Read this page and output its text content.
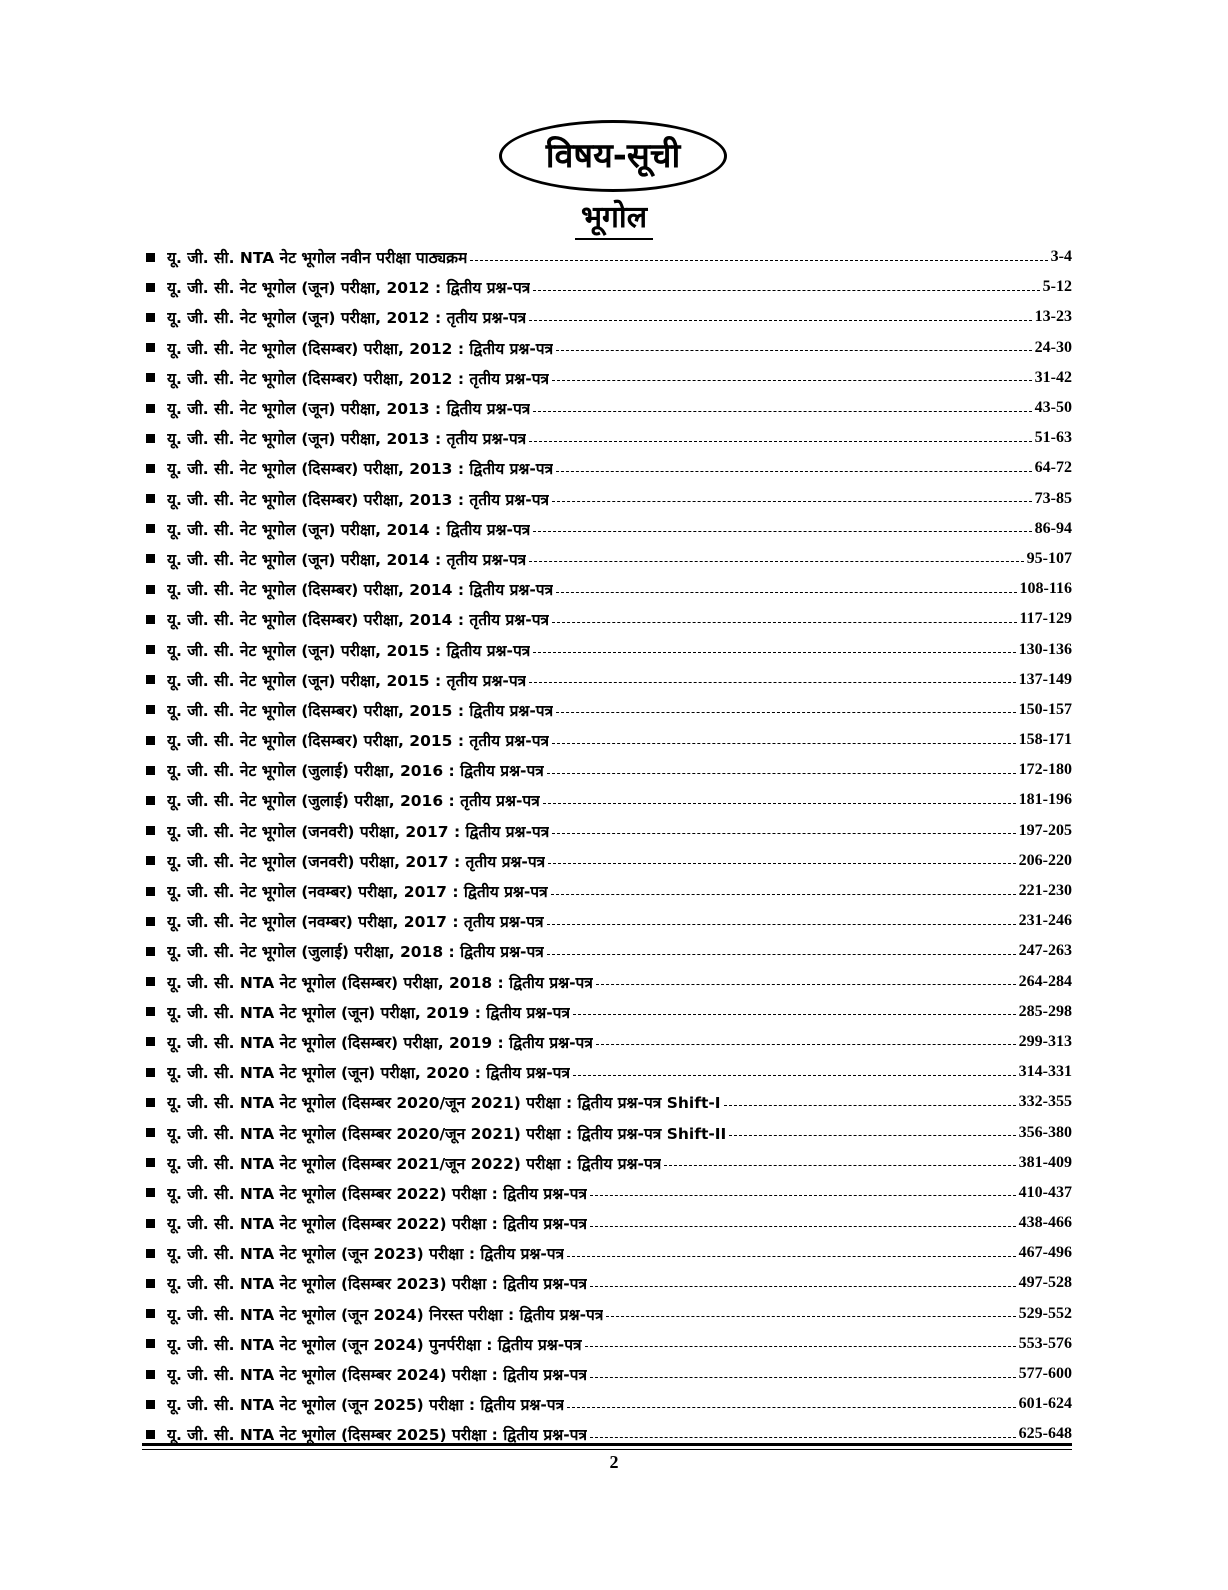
विषय-सूची
भूगोल
यू. जी. सी. NTA नेट भूगोल नवीन परीक्षा पाठ्यक्रम	3-4
यू. जी. सी. नेट भूगोल (जून) परीक्षा, 2012 : द्वितीय प्रश्न-पत्र	5-12
यू. जी. सी. नेट भूगोल (जून) परीक्षा, 2012 : तृतीय प्रश्न-पत्र	13-23
यू. जी. सी. नेट भूगोल (दिसम्बर) परीक्षा, 2012 : द्वितीय प्रश्न-पत्र	24-30
यू. जी. सी. नेट भूगोल (दिसम्बर) परीक्षा, 2012 : तृतीय प्रश्न-पत्र	31-42
यू. जी. सी. नेट भूगोल (जून) परीक्षा, 2013 : द्वितीय प्रश्न-पत्र	43-50
यू. जी. सी. नेट भूगोल (जून) परीक्षा, 2013 : तृतीय प्रश्न-पत्र	51-63
यू. जी. सी. नेट भूगोल (दिसम्बर) परीक्षा, 2013 : द्वितीय प्रश्न-पत्र	64-72
यू. जी. सी. नेट भूगोल (दिसम्बर) परीक्षा, 2013 : तृतीय प्रश्न-पत्र	73-85
यू. जी. सी. नेट भूगोल (जून) परीक्षा, 2014 : द्वितीय प्रश्न-पत्र	86-94
यू. जी. सी. नेट भूगोल (जून) परीक्षा, 2014 : तृतीय प्रश्न-पत्र	95-107
यू. जी. सी. नेट भूगोल (दिसम्बर) परीक्षा, 2014 : द्वितीय प्रश्न-पत्र	108-116
यू. जी. सी. नेट भूगोल (दिसम्बर) परीक्षा, 2014 : तृतीय प्रश्न-पत्र	117-129
यू. जी. सी. नेट भूगोल (जून) परीक्षा, 2015 : द्वितीय प्रश्न-पत्र	130-136
यू. जी. सी. नेट भूगोल (जून) परीक्षा, 2015 : तृतीय प्रश्न-पत्र	137-149
यू. जी. सी. नेट भूगोल (दिसम्बर) परीक्षा, 2015 : द्वितीय प्रश्न-पत्र	150-157
यू. जी. सी. नेट भूगोल (दिसम्बर) परीक्षा, 2015 : तृतीय प्रश्न-पत्र	158-171
यू. जी. सी. नेट भूगोल (जुलाई) परीक्षा, 2016 : द्वितीय प्रश्न-पत्र	172-180
यू. जी. सी. नेट भूगोल (जुलाई) परीक्षा, 2016 : तृतीय प्रश्न-पत्र	181-196
यू. जी. सी. नेट भूगोल (जनवरी) परीक्षा, 2017 : द्वितीय प्रश्न-पत्र	197-205
यू. जी. सी. नेट भूगोल (जनवरी) परीक्षा, 2017 : तृतीय प्रश्न-पत्र	206-220
यू. जी. सी. नेट भूगोल (नवम्बर) परीक्षा, 2017 : द्वितीय प्रश्न-पत्र	221-230
यू. जी. सी. नेट भूगोल (नवम्बर) परीक्षा, 2017 : तृतीय प्रश्न-पत्र	231-246
यू. जी. सी. नेट भूगोल (जुलाई) परीक्षा, 2018 : द्वितीय प्रश्न-पत्र	247-263
यू. जी. सी. NTA नेट भूगोल (दिसम्बर) परीक्षा, 2018 : द्वितीय प्रश्न-पत्र	264-284
यू. जी. सी. NTA नेट भूगोल (जून) परीक्षा, 2019 : द्वितीय प्रश्न-पत्र	285-298
यू. जी. सी. NTA नेट भूगोल (दिसम्बर) परीक्षा, 2019 : द्वितीय प्रश्न-पत्र	299-313
यू. जी. सी. NTA नेट भूगोल (जून) परीक्षा, 2020 : द्वितीय प्रश्न-पत्र	314-331
यू. जी. सी. NTA नेट भूगोल (दिसम्बर 2020/जून 2021) परीक्षा : द्वितीय प्रश्न-पत्र Shift-I	332-355
यू. जी. सी. NTA नेट भूगोल (दिसम्बर 2020/जून 2021) परीक्षा : द्वितीय प्रश्न-पत्र Shift-II	356-380
यू. जी. सी. NTA नेट भूगोल (दिसम्बर 2021/जून 2022) परीक्षा : द्वितीय प्रश्न-पत्र	381-409
यू. जी. सी. NTA नेट भूगोल (दिसम्बर 2022) परीक्षा : द्वितीय प्रश्न-पत्र	410-437
यू. जी. सी. NTA नेट भूगोल (दिसम्बर 2022) परीक्षा : द्वितीय प्रश्न-पत्र	438-466
यू. जी. सी. NTA नेट भूगोल (जून 2023) परीक्षा : द्वितीय प्रश्न-पत्र	467-496
यू. जी. सी. NTA नेट भूगोल (दिसम्बर 2023) परीक्षा : द्वितीय प्रश्न-पत्र	497-528
यू. जी. सी. NTA नेट भूगोल (जून 2024) निरस्त परीक्षा : द्वितीय प्रश्न-पत्र	529-552
यू. जी. सी. NTA नेट भूगोल (जून 2024) पुनर्परीक्षा : द्वितीय प्रश्न-पत्र	553-576
यू. जी. सी. NTA नेट भूगोल (दिसम्बर 2024) परीक्षा : द्वितीय प्रश्न-पत्र	577-600
यू. जी. सी. NTA नेट भूगोल (जून 2025) परीक्षा : द्वितीय प्रश्न-पत्र	601-624
यू. जी. सी. NTA नेट भूगोल (दिसम्बर 2025) परीक्षा : द्वितीय प्रश्न-पत्र	625-648
2
